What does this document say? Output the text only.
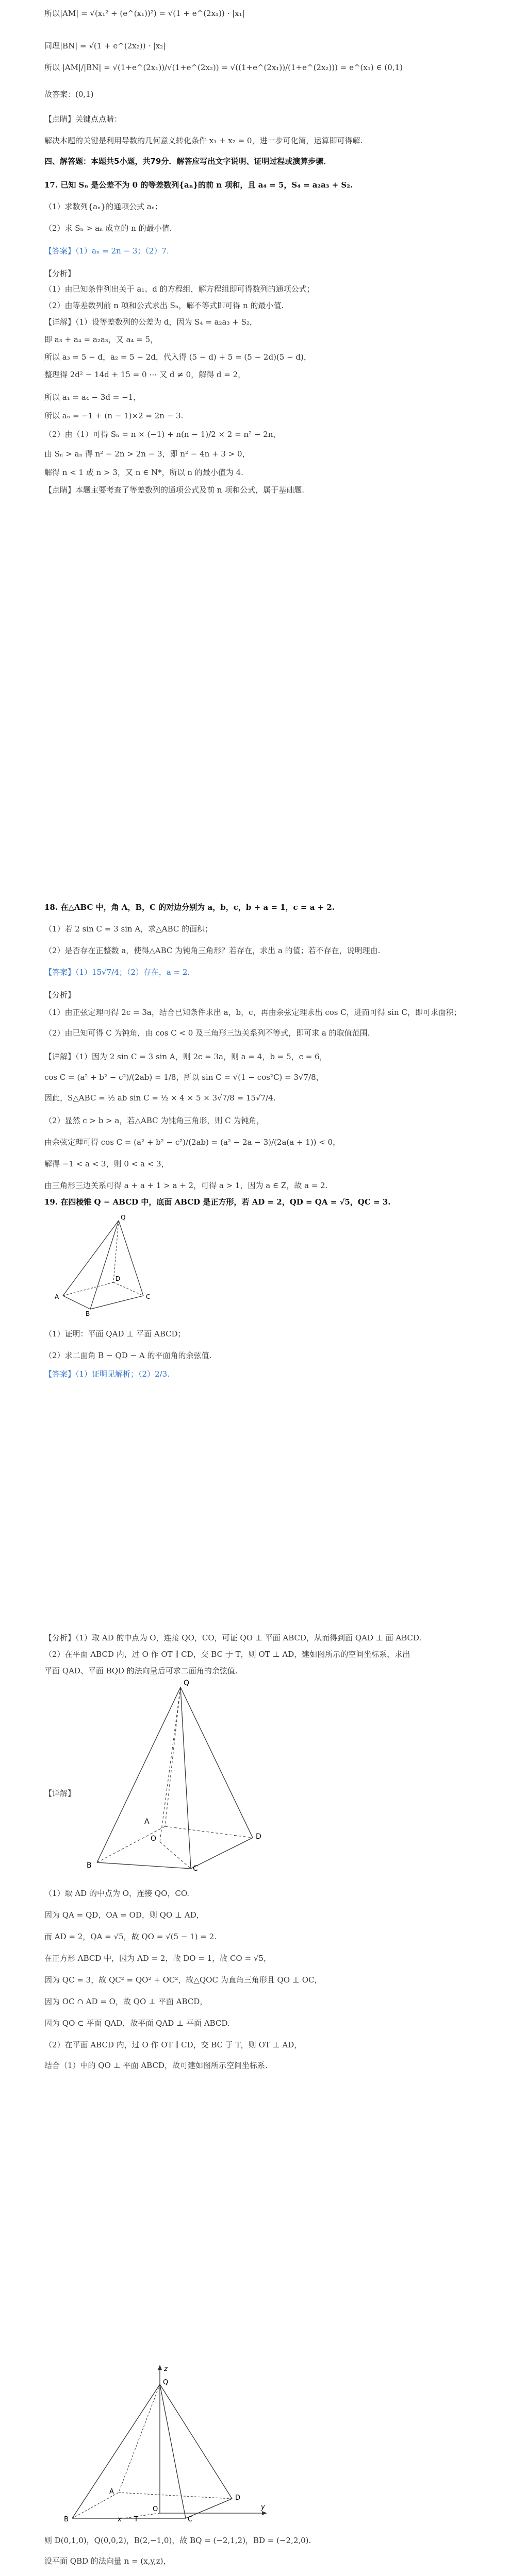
所以|AM| = √(x₁² + (e^(x₁))²) = √(1 + e^(2x₁)) · |x₁|
同理|BN| = √(1 + e^(2x₂)) · |x₂|
所以 |AM|/|BN| = √(1+e^(2x₁))/√(1+e^(2x₂)) = √((1+e^(2x₁))/(1+e^(2x₂))) = e^(x₁) ∈ (0,1)
故答案：(0,1)
【点睛】关键点点睛：
解决本题的关键是利用导数的几何意义转化条件 x₁ + x₂ = 0，进一步可化简，运算即可得解.
四、解答题：本题共5小题，共79分．解答应写出文字说明、证明过程或演算步骤．
17. 已知 Sₙ 是公差不为 0 的等差数列{aₙ}的前 n 项和，且 a₄ = 5，S₄ = a₂a₃ + S₂.
（1）求数列{aₙ}的通项公式 aₙ；
（2）求 Sₙ > aₙ 成立的 n 的最小值.
【答案】（1）aₙ = 2n − 3；（2）7.
【分析】
（1）由已知条件列出关于 a₁、d 的方程组，解方程组即可得数列的通项公式；
（2）由等差数列前 n 项和公式求出 Sₙ，解不等式即可得 n 的最小值.
【详解】（1）设等差数列的公差为 d，因为 S₄ = a₂a₃ + S₂，
即 a₃ + a₄ = a₂a₃，又 a₄ = 5，
所以 a₃ = 5 − d，a₂ = 5 − 2d，代入得 (5 − d) + 5 = (5 − 2d)(5 − d)，
整理得 2d² − 14d + 15 = 0 ⋯ 又 d ≠ 0，解得 d = 2，
所以 a₁ = a₄ − 3d = −1，
所以 aₙ = −1 + (n − 1)×2 = 2n − 3.
（2）由（1）可得 Sₙ = n × (−1) + n(n − 1)/2 × 2 = n² − 2n，
由 Sₙ > aₙ 得 n² − 2n > 2n − 3，即 n² − 4n + 3 > 0，
解得 n < 1 或 n > 3，又 n ∈ N*，所以 n 的最小值为 4.
【点睛】本题主要考查了等差数列的通项公式及前 n 项和公式，属于基础题.
18. 在△ABC 中，角 A，B，C 的对边分别为 a，b，c，b + a = 1，c = a + 2.
（1）若 2 sin C = 3 sin A，求△ABC 的面积；
（2）是否存在正整数 a，使得△ABC 为钝角三角形？若存在，求出 a 的值；若不存在，说明理由.
【答案】（1）15√7/4；（2）存在，a = 2.
【分析】
（1）由正弦定理可得 2c = 3a，结合已知条件求出 a，b，c，再由余弦定理求出 cos C，进而可得 sin C，即可求面积；
（2）由已知可得 C 为钝角，由 cos C < 0 及三角形三边关系列不等式，即可求 a 的取值范围.
【详解】（1）因为 2 sin C = 3 sin A，则 2c = 3a，则 a = 4，b = 5，c = 6，
cos C = (a² + b² − c²)/(2ab) = 1/8，所以 sin C = √(1 − cos²C) = 3√7/8，
因此，S△ABC = ½ ab sin C = ½ × 4 × 5 × 3√7/8 = 15√7/4.
（2）显然 c > b > a，若△ABC 为钝角三角形，则 C 为钝角，
由余弦定理可得 cos C = (a² + b² − c²)/(2ab) = (a² − 2a − 3)/(2a(a + 1)) < 0，
解得 −1 < a < 3，则 0 < a < 3，
由三角形三边关系可得 a + a + 1 > a + 2，可得 a > 1，因为 a ∈ Z，故 a = 2.
19. 在四棱锥 Q − ABCD 中，底面 ABCD 是正方形，若 AD = 2，QD = QA = √5，QC = 3.
（1）证明：平面 QAD ⊥ 平面 ABCD；
（2）求二面角 B − QD − A 的平面角的余弦值.
【答案】（1）证明见解析；（2）2/3.
【分析】（1）取 AD 的中点为 O，连接 QO，CO，可证 QO ⊥ 平面 ABCD，从而得到面 QAD ⊥ 面 ABCD.
（2）在平面 ABCD 内，过 O 作 OT ∥ CD，交 BC 于 T，则 OT ⊥ AD，建如图所示的空间坐标系，求出
平面 QAD、平面 BQD 的法向量后可求二面角的余弦值.
【详解】
（1）取 AD 的中点为 O，连接 QO，CO.
因为 QA = QD，OA = OD，则 QO ⊥ AD，
而 AD = 2，QA = √5，故 QO = √(5 − 1) = 2.
在正方形 ABCD 中，因为 AD = 2，故 DO = 1，故 CO = √5，
因为 QC = 3，故 QC² = QO² + OC²，故△QOC 为直角三角形且 QO ⊥ OC，
因为 OC ∩ AD = O，故 QO ⊥ 平面 ABCD，
因为 QO ⊂ 平面 QAD，故平面 QAD ⊥ 平面 ABCD.
（2）在平面 ABCD 内，过 O 作 OT ∥ CD，交 BC 于 T，则 OT ⊥ AD，
结合（1）中的 QO ⊥ 平面 ABCD，故可建如图所示空间坐标系.
则 D(0,1,0)，Q(0,0,2)，B(2,−1,0)，故 BQ = (−2,1,2)，BD = (−2,2,0).
设平面 QBD 的法向量 n = (x,y,z)，
Q
A
B
C
D
Q
A
B	C
D
O
z
Q
A
D
y
O
B	x T	C
